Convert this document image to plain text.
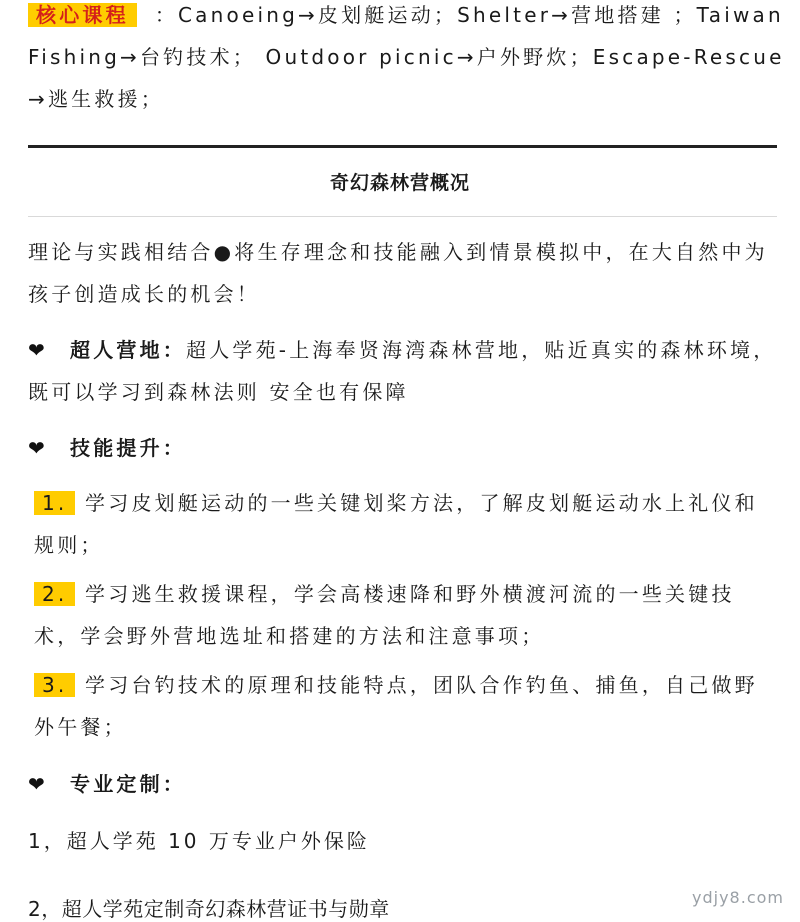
核心课程 ：Canoeing→皮划艇运动；Shelter→营地搭建 ；Taiwan
Fishing→台钓技术； Outdoor picnic→户外野炊；Escape-Rescue
→逃生救援；
奇幻森林营概况

理论与实践相结合●将生存理念和技能融入到情景模拟中，在大自然中为孩子创造成长的机会！

❤ 超人营地：超人学苑-上海奉贤海湾森林营地，贴近真实的森林环境，既可以学习到森林法则 安全也有保障

❤ 技能提升：

1. 学习皮划艇运动的一些关键划桨方法，了解皮划艇运动水上礼仪和规则；

2. 学习逃生救援课程，学会高楼速降和野外横渡河流的一些关键技术，学会野外营地选址和搭建的方法和注意事项；

3. 学习台钓技术的原理和技能特点，团队合作钓鱼、捕鱼，自己做野外午餐；

❤ 专业定制：

1，超人学苑 10 万专业户外保险

2，超人学苑定制奇幻森林营证书与勋章	ydjy8.com
